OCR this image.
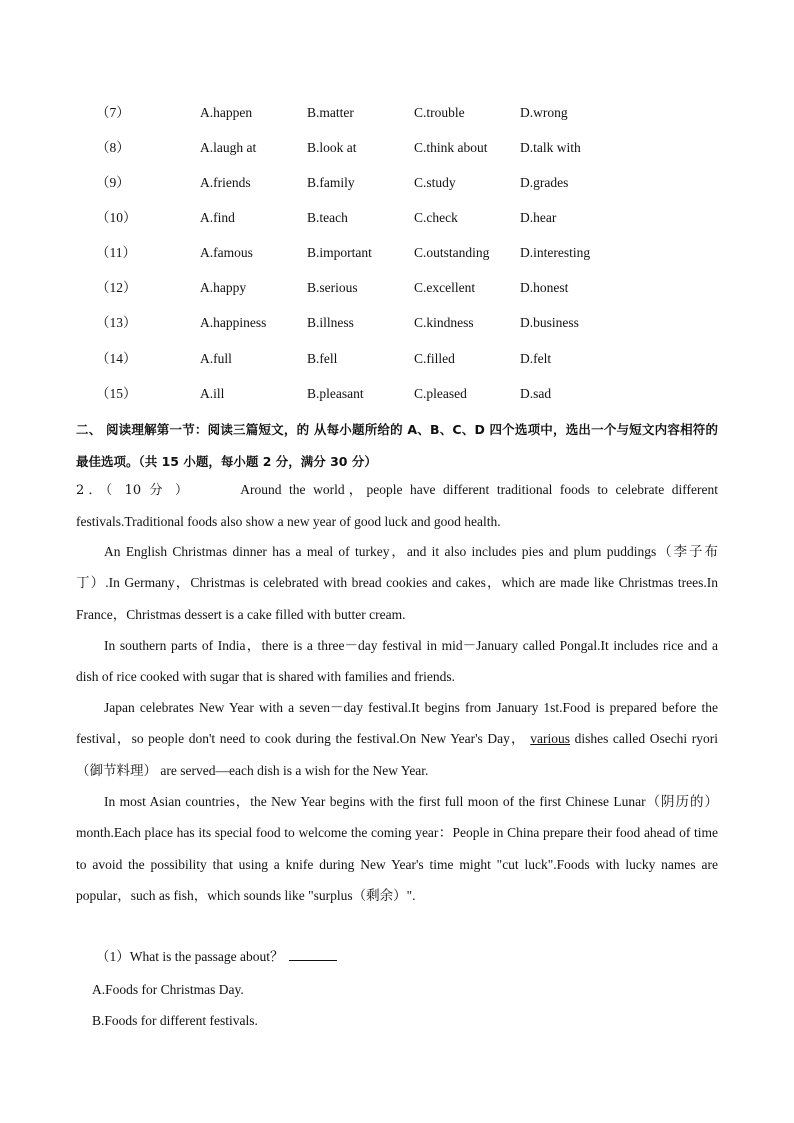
（7）	A.happen	B.matter	C.trouble	D.wrong
（8）	A.laugh at	B.look at	C.think about D.talk with
（9）	A.friends	B.family	C.study	D.grades
（10）	A.find	B.teach	C.check	D.hear
（11）	A.famous	B.important	C.outstanding D.interesting
（12）	A.happy	B.serious	C.excellent	D.honest
（13）	A.happiness	B.illness	C.kindness	D.business
（14）	A.full	B.fell	C.filled	D.felt
（15）	A.ill	B.pleasant	C.pleased	D.sad
二、 阅读理解第一节：阅读三篇短文，的 从每小题所给的 A、B、C、D 四个选项中，选出一个与短文内容相符的最佳选项。（共 15 小题，每小题 2 分，满分 30 分）
2．（ 10 分 ）	Around the world，people have different traditional foods to celebrate different festivals.Traditional foods also show a new year of good luck and good health.
An English Christmas dinner has a meal of turkey，and it also includes pies and plum puddings（李子布丁）.In Germany，Christmas is celebrated with bread cookies and cakes，which are made like Christmas trees.In France，Christmas dessert is a cake filled with butter cream.
In southern parts of India，there is a three－day festival in mid－January called Pongal.It includes rice and a dish of rice cooked with sugar that is shared with families and friends.
Japan celebrates New Year with a seven－day festival.It begins from January 1st.Food is prepared before the festival，so people don't need to cook during the festival.On New Year's Day， various dishes called Osechi ryori（御节料理） are served—each dish is a wish for the New Year.
In most Asian countries，the New Year begins with the first full moon of the first Chinese Lunar（阴历的）month.Each place has its special food to welcome the coming year：People in China prepare their food ahead of time to avoid the possibility that using a knife during New Year's time might "cut luck".Foods with lucky names are popular，such as fish，which sounds like "surplus（剩余）".
（1）What is the passage about？
A.Foods for Christmas Day.
B.Foods for different festivals.
